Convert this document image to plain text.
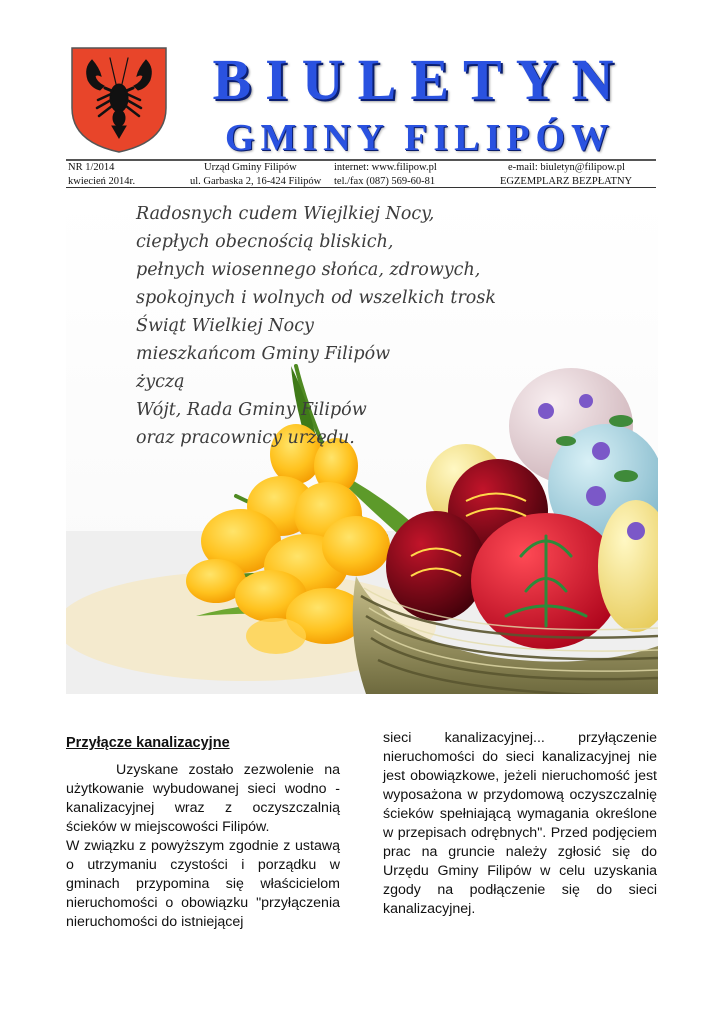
BIULETYN
GMINY FILIPÓW
NR 1/2014	Urząd Gminy Filipów	internet: www.filipow.pl	e-mail: biuletyn@filipow.pl
kwiecień 2014r.	ul. Garbaska 2, 16-424 Filipów tel./fax (087) 569-60-81	EGZEMPLARZ BEZPŁATNY
Radosnych cudem Wiejlkiej Nocy,
ciepłych obecnością bliskich,
pełnych wiosennego słońca, zdrowych,
spokojnych i wolnych od wszelkich trosk
Świąt Wielkiej Nocy
mieszkańcom Gminy Filipów
życzą
Wójt, Rada Gminy Filipów
oraz pracownicy urzędu.
Przyłącze kanalizacyjne

Uzyskane zostało zezwolenie na użytkowanie wybudowanej sieci wodno - kanalizacyjnej wraz z oczyszczalnią ścieków w miejscowości Filipów.

W związku z powyższym zgodnie z ustawą o utrzymaniu czystości i porządku w gminach przypomina się właścicielom nieruchomości o obowiązku "przyłączenia nieruchomości do istniejącej

sieci kanalizacyjnej... przyłączenie nieruchomości do sieci kanalizacyjnej nie jest obowiązkowe, jeżeli nieruchomość jest wyposażona w przydomową oczyszczalnię ścieków spełniającą wymagania określone w przepisach odrębnych". Przed podjęciem prac na gruncie należy zgłosić się do Urzędu Gminy Filipów w celu uzyskania zgody na podłączenie się do sieci kanalizacyjnej.
